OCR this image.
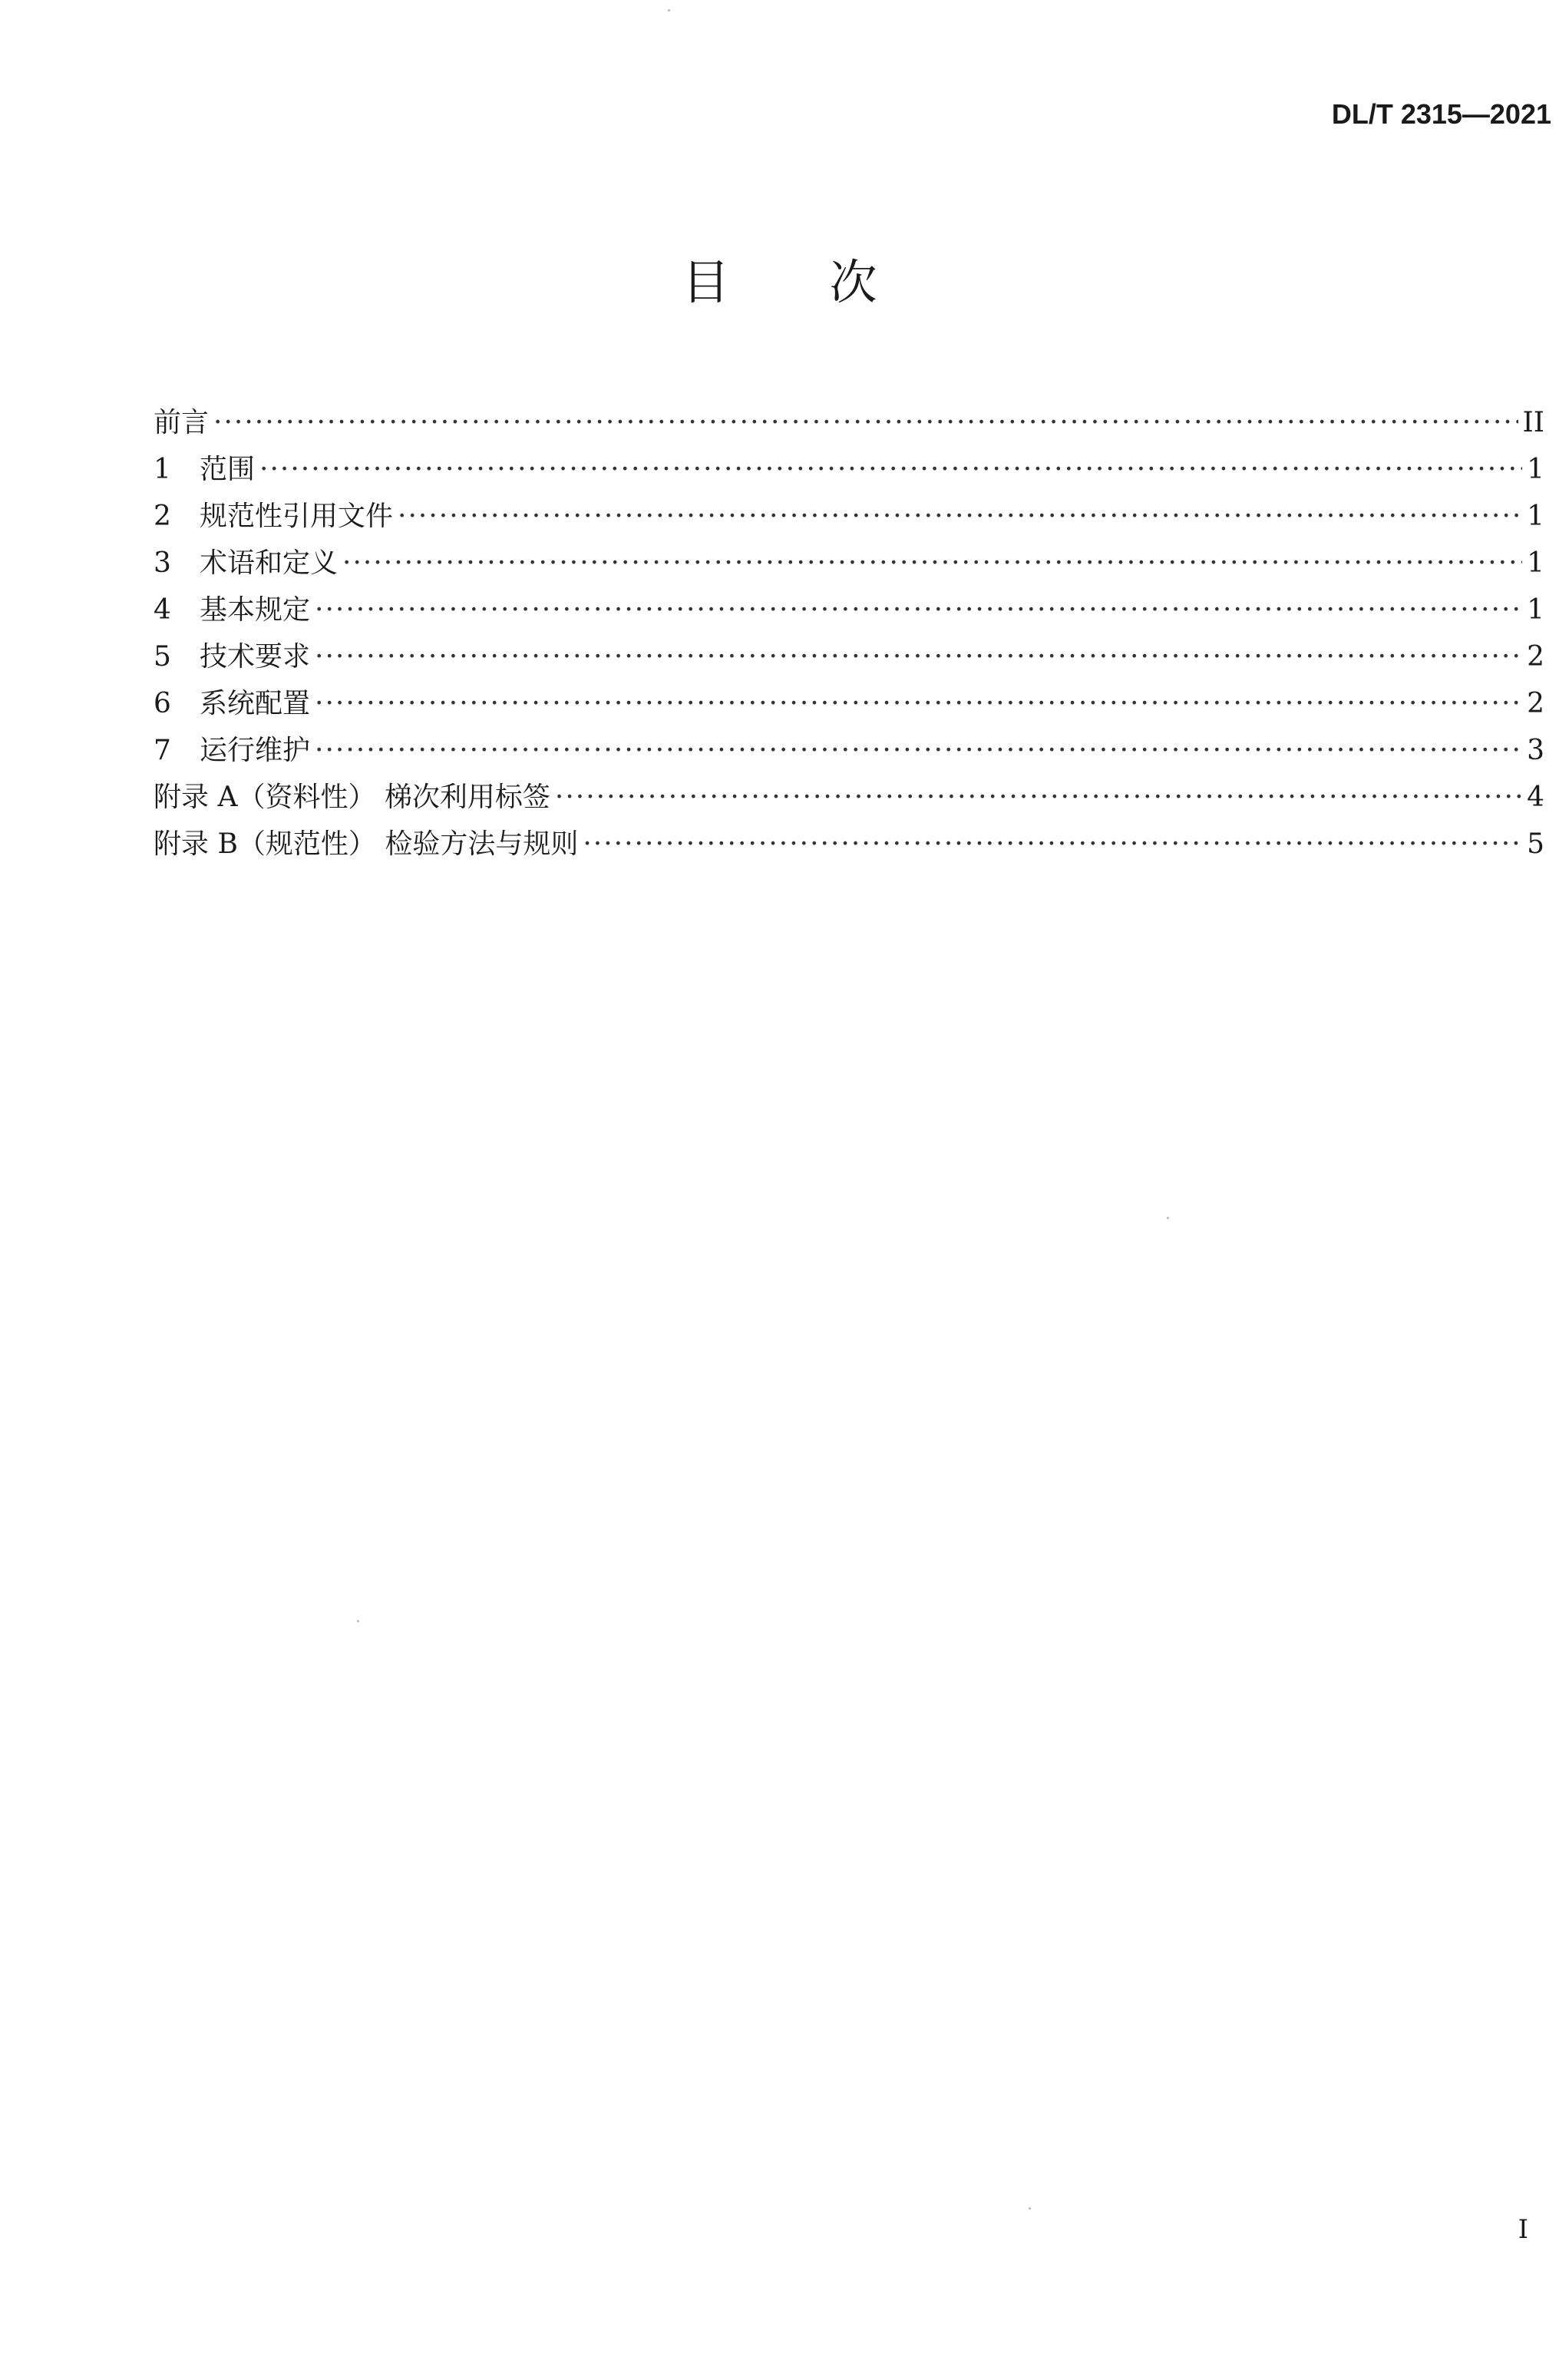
DL/T 2315—2021
目 次
前言 ·····	II
1	范围 ·····	1
2	规范性引用文件 ·····	1
3	术语和定义 ·····	1
4	基本规定 ·····	1
5	技术要求 ·····	2
6	系统配置 ·····	2
7	运行维护 ·····	3
附录 A（资料性） 梯次利用标签 ·····	4
附录 B（规范性） 检验方法与规则 ·····	5
I
